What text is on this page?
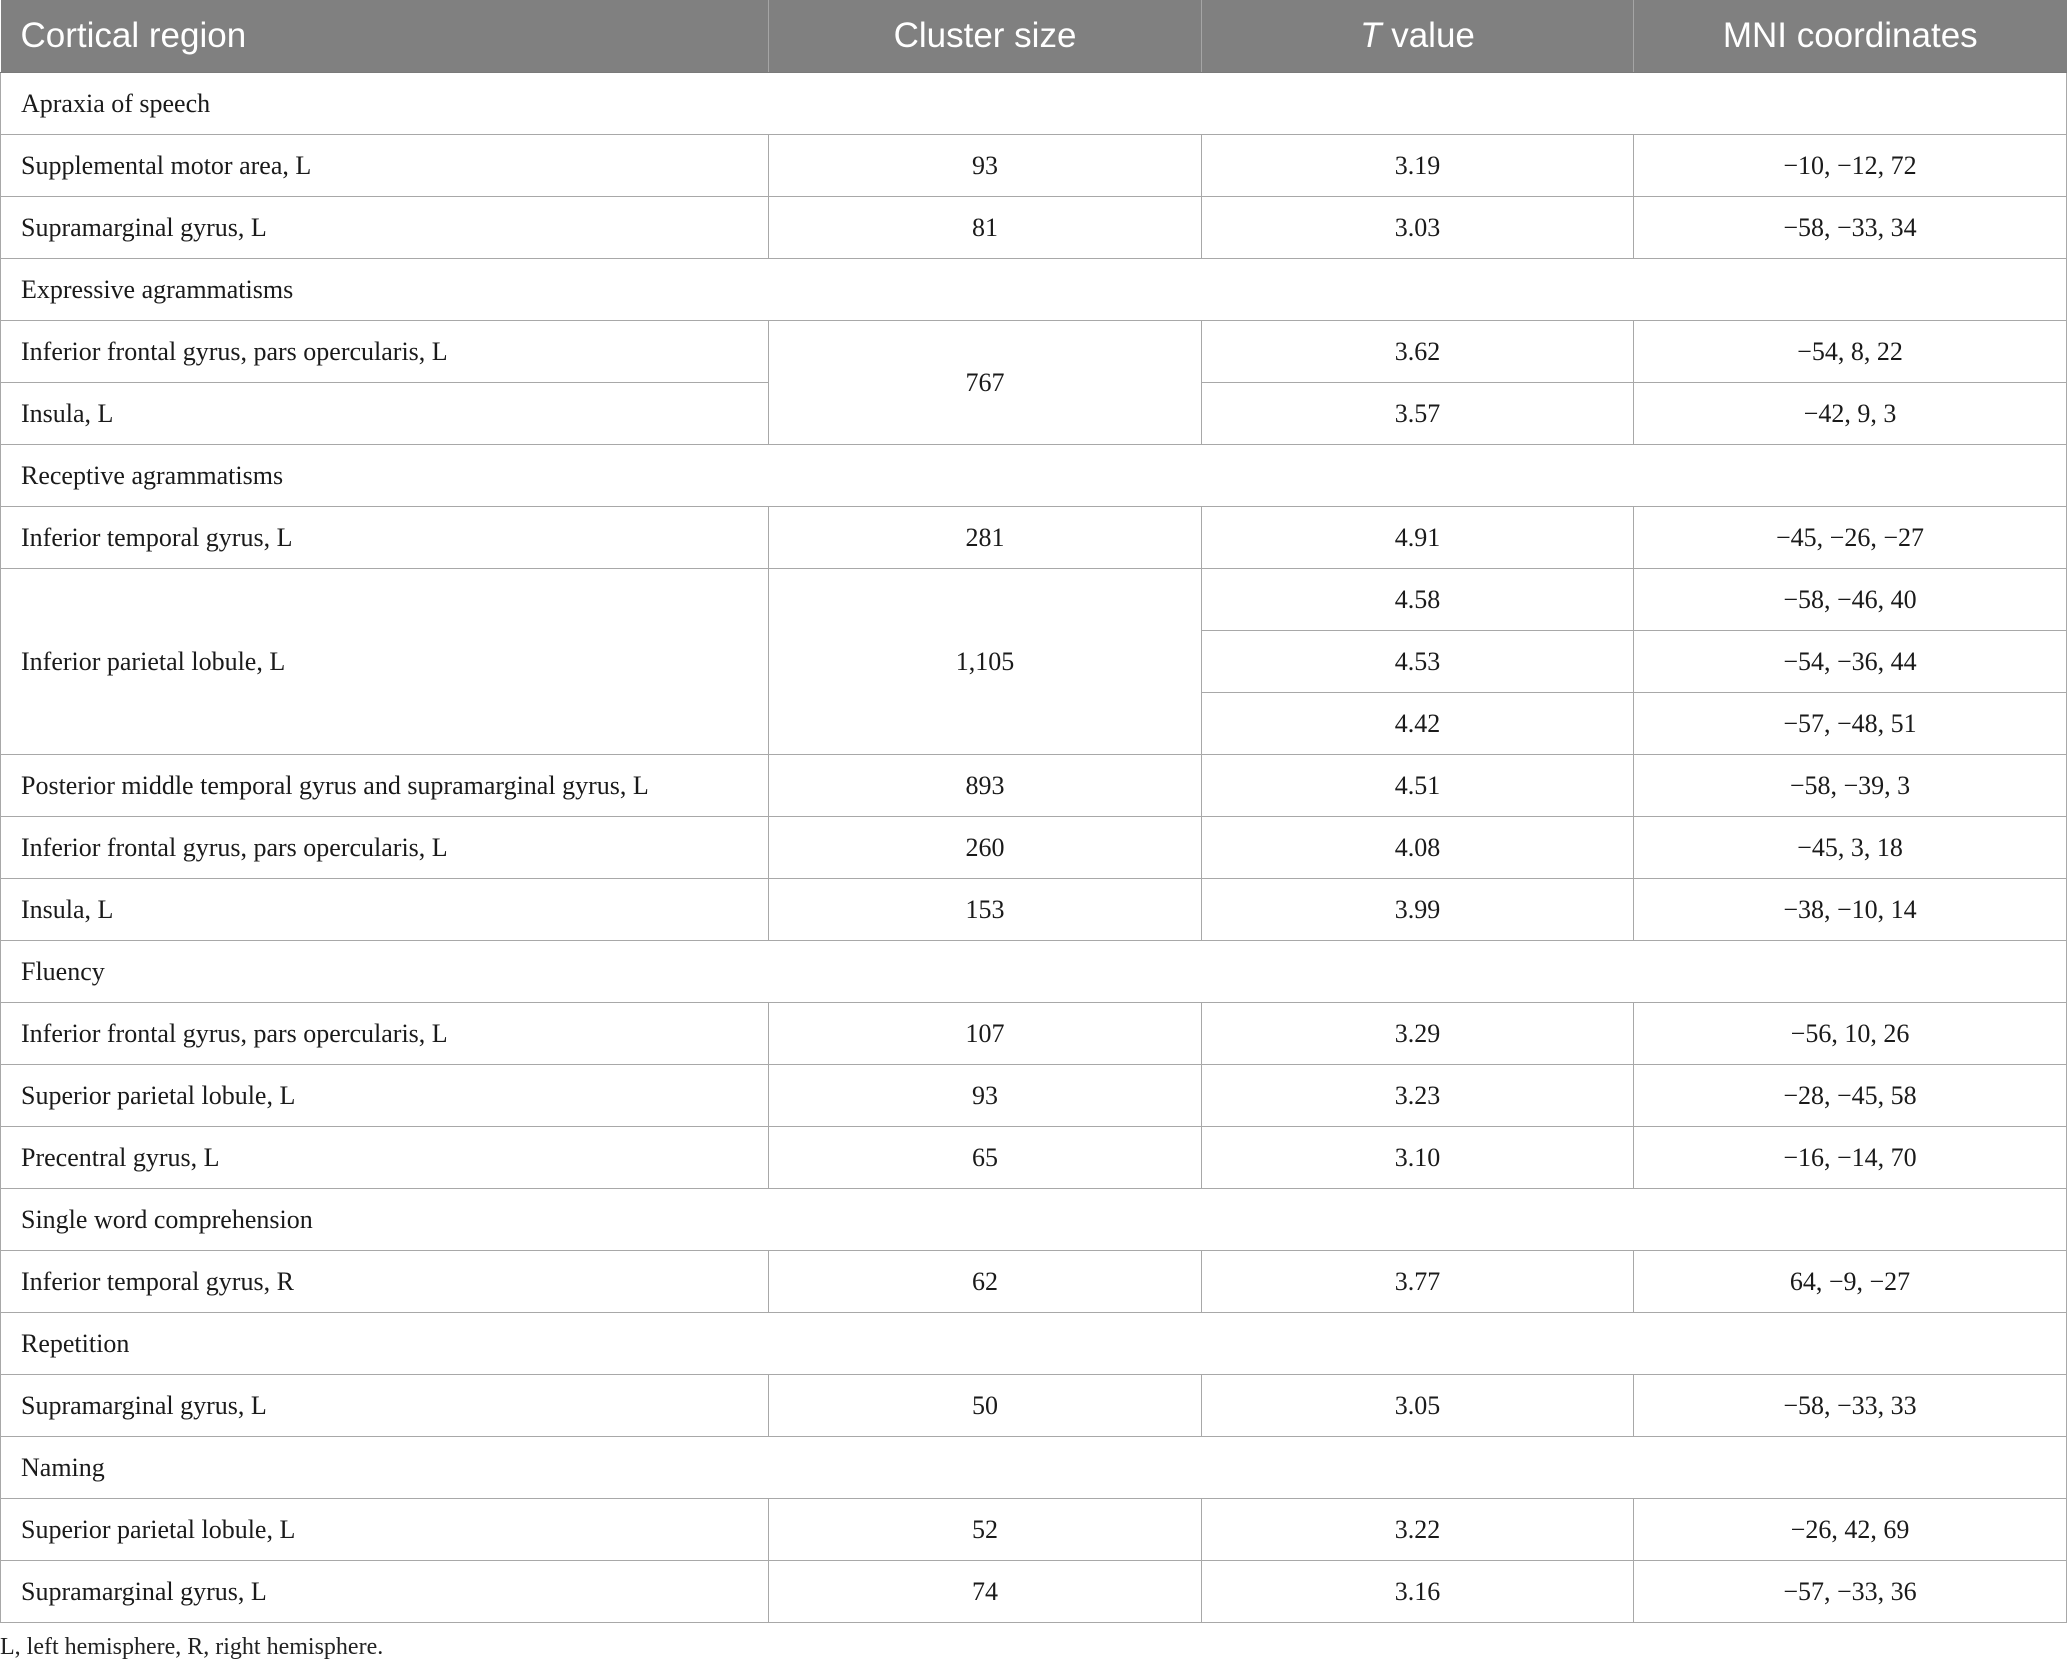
Cortical region	Cluster size	T value	MNI coordinates
Apraxia of speech			
Supplemental motor area, L	93	3.19	−10, −12, 72
Supramarginal gyrus, L	81	3.03	−58, −33, 34
Expressive agrammatisms			
Inferior frontal gyrus, pars opercularis, L	767	3.62	−54, 8, 22
Insula, L		3.57	−42, 9, 3
Receptive agrammatisms			
Inferior temporal gyrus, L	281	4.91	−45, −26, −27
Inferior parietal lobule, L	1,105	4.58	−58, −46, 40
		4.53	−54, −36, 44
		4.42	−57, −48, 51
Posterior middle temporal gyrus and supramarginal gyrus, L	893	4.51	−58, −39, 3
Inferior frontal gyrus, pars opercularis, L	260	4.08	−45, 3, 18
Insula, L	153	3.99	−38, −10, 14
Fluency			
Inferior frontal gyrus, pars opercularis, L	107	3.29	−56, 10, 26
Superior parietal lobule, L	93	3.23	−28, −45, 58
Precentral gyrus, L	65	3.10	−16, −14, 70
Single word comprehension			
Inferior temporal gyrus, R	62	3.77	64, −9, −27
Repetition			
Supramarginal gyrus, L	50	3.05	−58, −33, 33
Naming			
Superior parietal lobule, L	52	3.22	−26, 42, 69
Supramarginal gyrus, L	74	3.16	−57, −33, 36
L, left hemisphere, R, right hemisphere.
